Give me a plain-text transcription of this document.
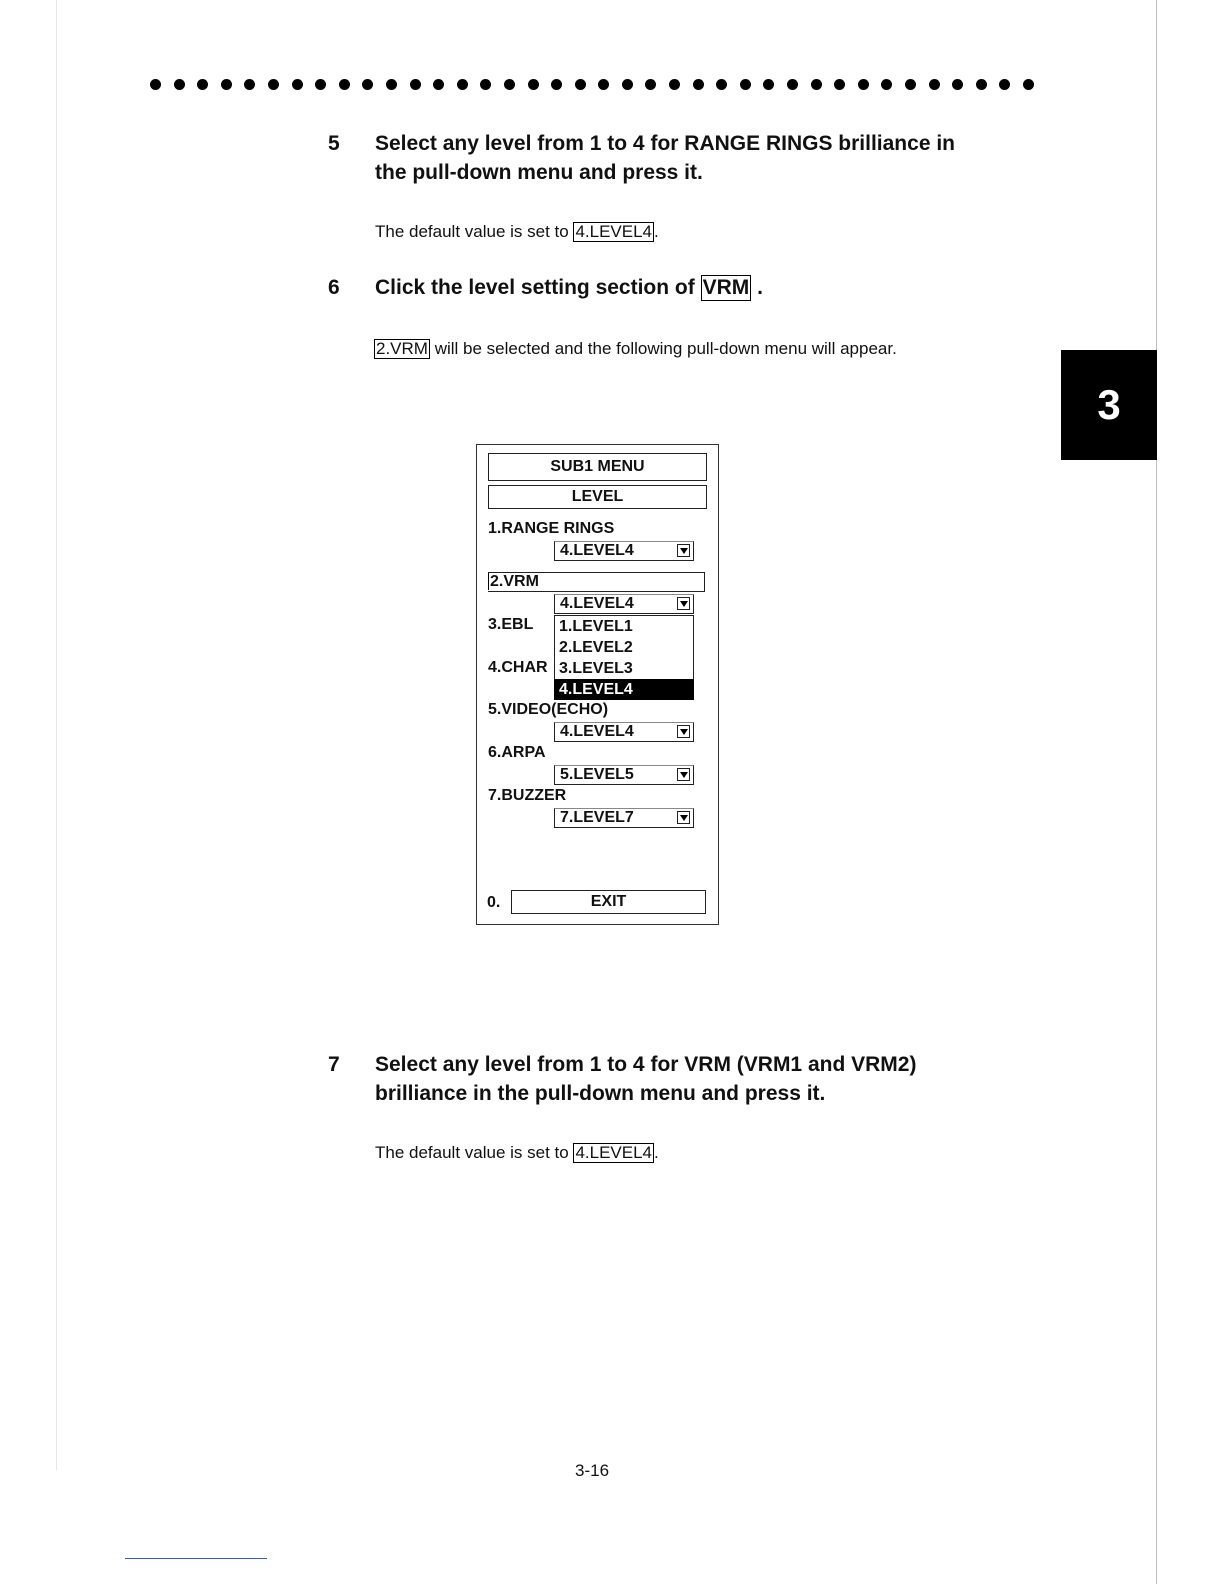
3
5 Select any level from 1 to 4 for RANGE RINGS brilliance in
the pull-down menu and press it.
The default value is set to 4.LEVEL4 .
6 Click the level setting section of VRM .
2.VRM will be selected and the following pull-down menu will appear.
SUB1 MENU
LEVEL
1.RANGE RINGS
4.LEVEL4
2.VRM
4.LEVEL4
1.LEVEL1
2.LEVEL2
3.LEVEL3
4.LEVEL4
3.EBL
4.CHAR
5.VIDEO(ECHO)
4.LEVEL4
6.ARPA
5.LEVEL5
7.BUZZER
7.LEVEL7
0.	EXIT
7 Select any level from 1 to 4 for VRM (VRM1 and VRM2)
brilliance in the pull-down menu and press it.
The default value is set to 4.LEVEL4 .
3-16
